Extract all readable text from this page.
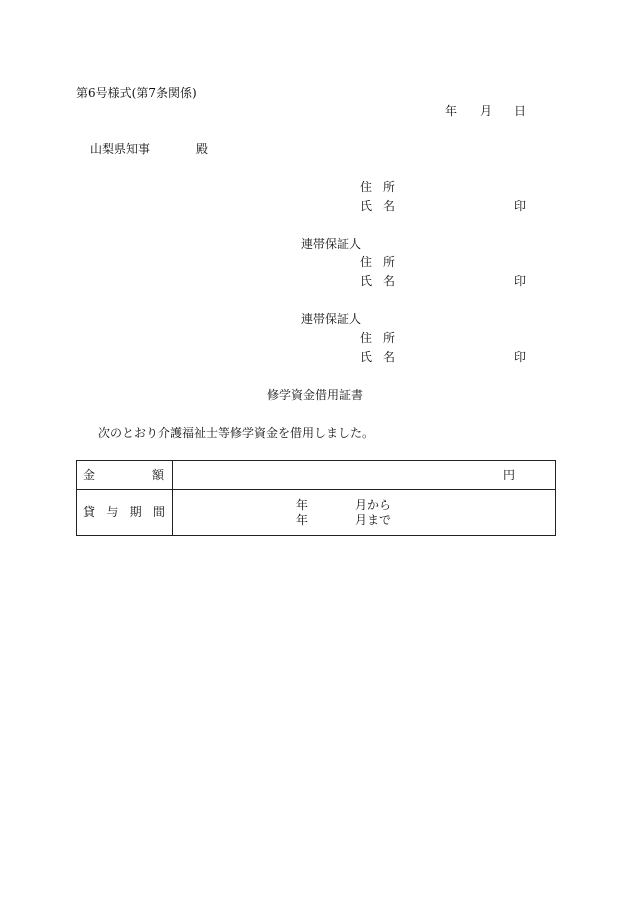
第6号様式(第7条関係)
年 月 日
山梨県知事	殿
住 所
氏 名	印
連帯保証人
住 所
氏 名	印
連帯保証人
住 所
氏 名	印
修学資金借用証書
次のとおり介護福祉士等修学資金を借用しました。
金	額	円
貸 与 期 間	年	月から
年	月まで
